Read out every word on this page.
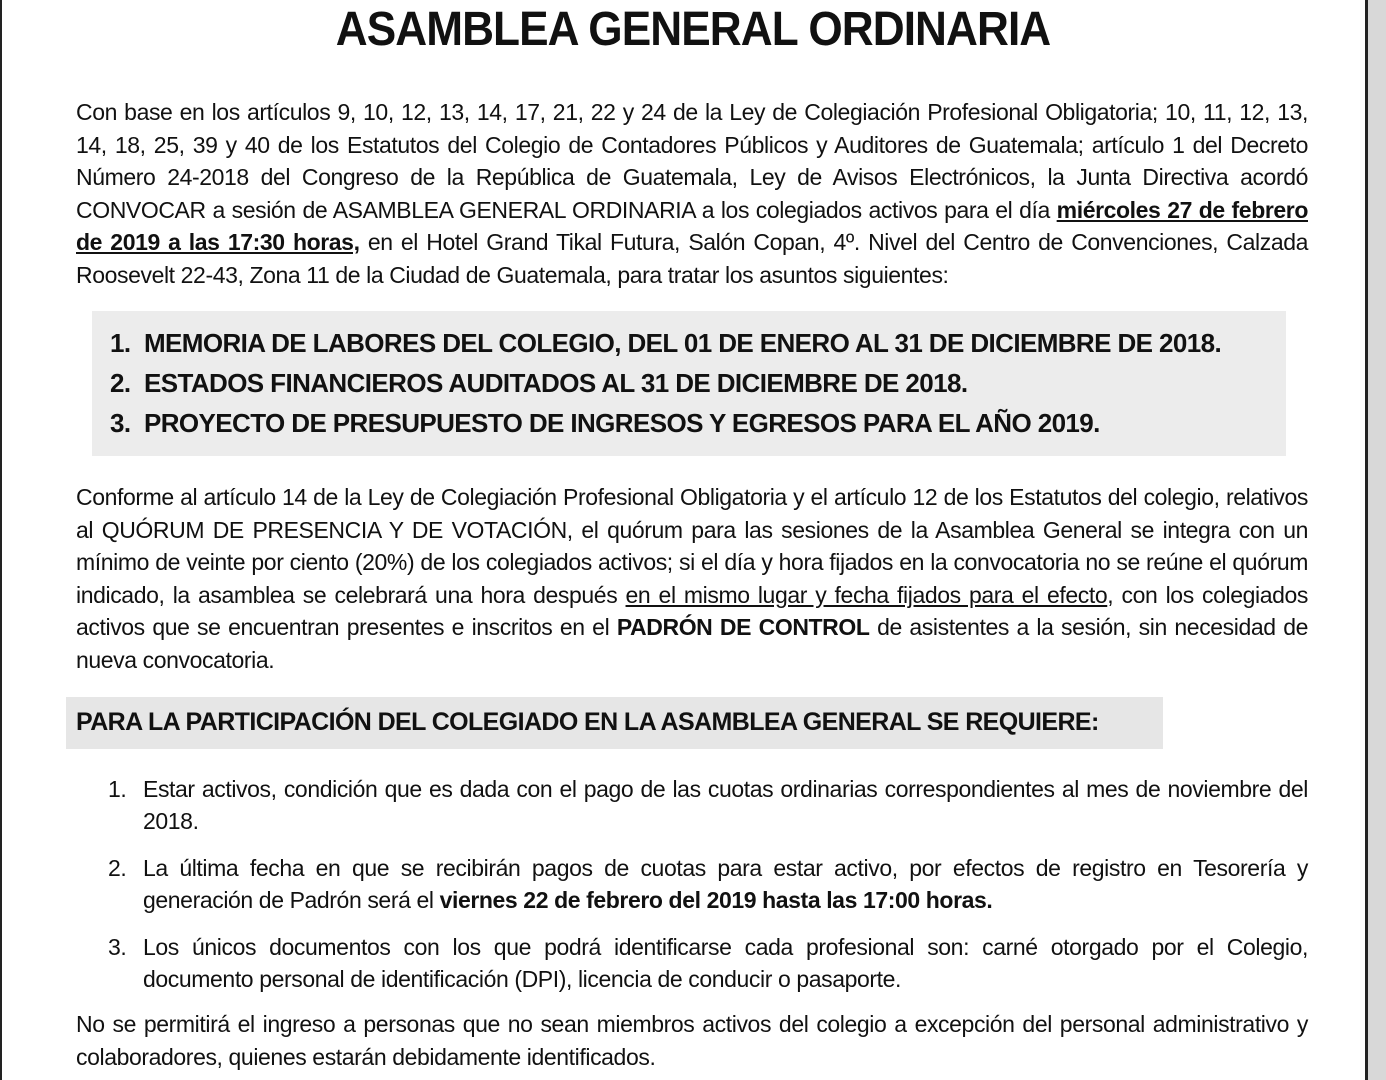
ASAMBLEA GENERAL ORDINARIA
Con base en los artículos 9, 10, 12, 13, 14, 17, 21, 22 y 24 de la Ley de Colegiación Profesional Obligatoria; 10, 11, 12, 13, 14, 18, 25, 39 y 40 de los Estatutos del Colegio de Contadores Públicos y Auditores de Guatemala; artículo 1 del Decreto Número 24-2018 del Congreso de la República de Guatemala, Ley de Avisos Electrónicos, la Junta Directiva acordó CONVOCAR a sesión de ASAMBLEA GENERAL ORDINARIA a los colegiados activos para el día miércoles 27 de febrero de 2019 a las 17:30 horas, en el Hotel Grand Tikal Futura, Salón Copan, 4º. Nivel del Centro de Convenciones, Calzada Roosevelt 22-43, Zona 11 de la Ciudad de Guatemala, para tratar los asuntos siguientes:
1. MEMORIA DE LABORES DEL COLEGIO, DEL 01 DE ENERO AL 31 DE DICIEMBRE DE 2018.
2. ESTADOS FINANCIEROS AUDITADOS AL 31 DE DICIEMBRE DE 2018.
3. PROYECTO DE PRESUPUESTO DE INGRESOS Y EGRESOS PARA EL AÑO 2019.
Conforme al artículo 14 de la Ley de Colegiación Profesional Obligatoria y el artículo 12 de los Estatutos del colegio, relativos al QUÓRUM DE PRESENCIA Y DE VOTACIÓN, el quórum para las sesiones de la Asamblea General se integra con un mínimo de veinte por ciento (20%) de los colegiados activos; si el día y hora fijados en la convocatoria no se reúne el quórum indicado, la asamblea se celebrará una hora después en el mismo lugar y fecha fijados para el efecto, con los colegiados activos que se encuentran presentes e inscritos en el PADRÓN DE CONTROL de asistentes a la sesión, sin necesidad de nueva convocatoria.
PARA LA PARTICIPACIÓN DEL COLEGIADO EN LA ASAMBLEA GENERAL SE REQUIERE:
1. Estar activos, condición que es dada con el pago de las cuotas ordinarias correspondientes al mes de noviembre del 2018.
2. La última fecha en que se recibirán pagos de cuotas para estar activo, por efectos de registro en Tesorería y generación de Padrón será el viernes 22 de febrero del 2019 hasta las 17:00 horas.
3. Los únicos documentos con los que podrá identificarse cada profesional son: carné otorgado por el Colegio, documento personal de identificación (DPI), licencia de conducir o pasaporte.
No se permitirá el ingreso a personas que no sean miembros activos del colegio a excepción del personal administrativo y colaboradores, quienes estarán debidamente identificados.
